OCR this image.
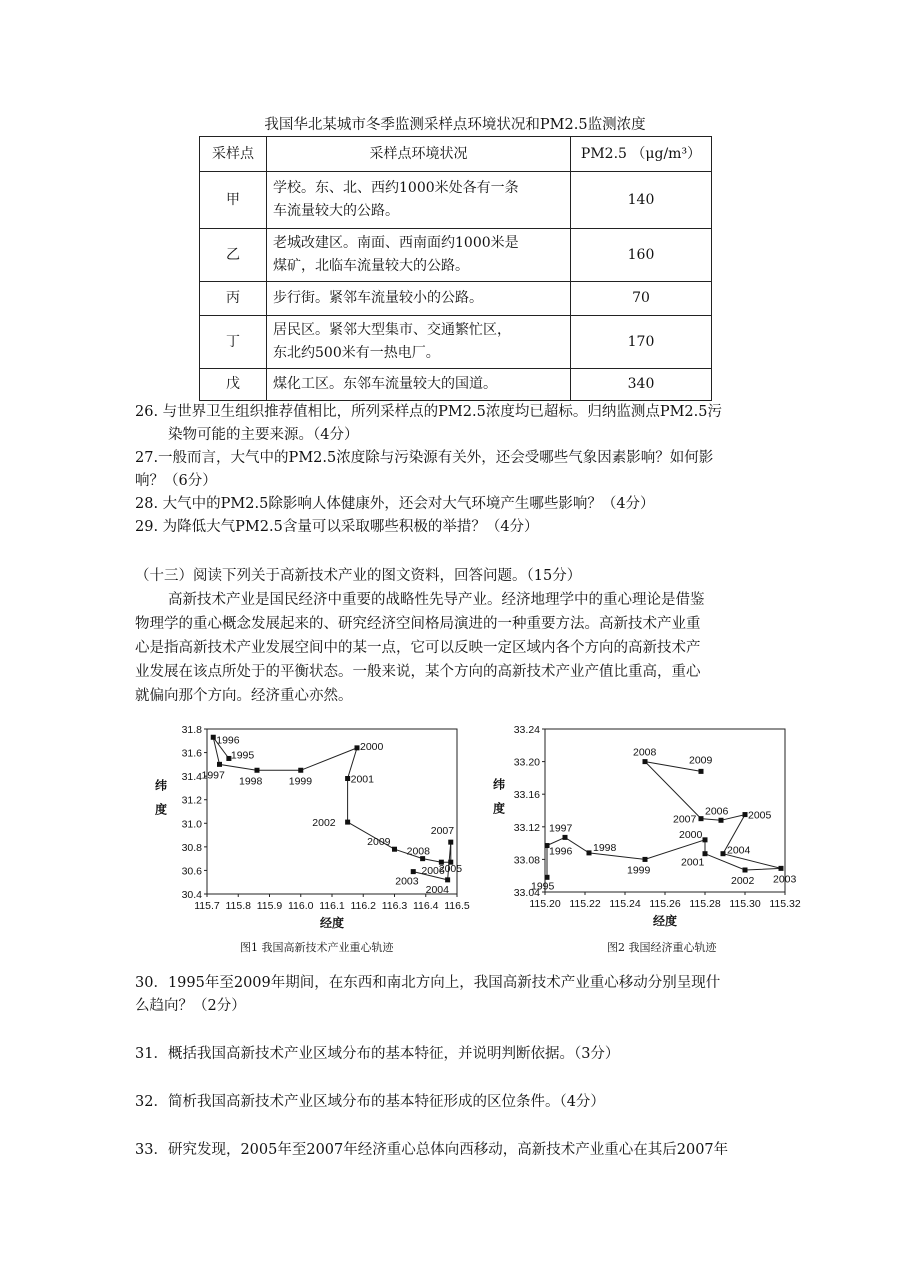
我国华北某城市冬季监测采样点环境状况和PM2.5监测浓度
采样点	采样点环境状况	PM2.5 （μg/m³）
甲	学校。东、北、西约1000米处各有一条
车流量较大的公路。	140
乙	老城改建区。南面、西南面约1000米是
煤矿，北临车流量较大的公路。	160
丙	步行街。紧邻车流量较小的公路。	70
丁	居民区。紧邻大型集市、交通繁忙区，
东北约500米有一热电厂。	170
戊	煤化工区。东邻车流量较大的国道。	340
26. 与世界卫生组织推荐值相比，所列采样点的PM2.5浓度均已超标。归纳监测点PM2.5污
染物可能的主要来源。（4分）
27.一般而言，大气中的PM2.5浓度除与污染源有关外，还会受哪些气象因素影响？如何影
响？（6分）
28. 大气中的PM2.5除影响人体健康外，还会对大气环境产生哪些影响？（4分）
29. 为降低大气PM2.5含量可以采取哪些积极的举措？（4分）
（十三）阅读下列关于高新技术产业的图文资料，回答问题。（15分）
高新技术产业是国民经济中重要的战略性先导产业。经济地理学中的重心理论是借鉴
物理学的重心概念发展起来的、研究经济空间格局演进的一种重要方法。高新技术产业重
心是指高新技术产业发展空间中的某一点，它可以反映一定区域内各个方向的高新技术产
业发展在该点所处于的平衡状态。一般来说，某个方向的高新技术产业产值比重高，重心
就偏向那个方向。经济重心亦然。
115.7 115.8 115.9 116.0 116.1 116.2 116.3 116.4 116.5
30.4
30.6
30.8
31.0
31.2
31.4
31.6
31.8
经度
纬
度
1995
1996
1997 1998	1999
2000
2001
2002
2009
2008
2006
2005
2007
2004
2003
图1 我国高新技术产业重心轨迹
115.20 115.22 115.24 115.26 115.28 115.30 115.32
33.04
33.08
33.12
33.16
33.20
33.24
经度
纬
度
1995
1996
1997
1998
1999
2000
2001
2002 2003
2004
2005
2006
2007
2008
2009
图2 我国经济重心轨迹
30．1995年至2009年期间，在东西和南北方向上，我国高新技术产业重心移动分别呈现什
么趋向？（2分）
31．概括我国高新技术产业区域分布的基本特征，并说明判断依据。（3分）
32．简析我国高新技术产业区域分布的基本特征形成的区位条件。（4分）
33．研究发现，2005年至2007年经济重心总体向西移动，高新技术产业重心在其后2007年
